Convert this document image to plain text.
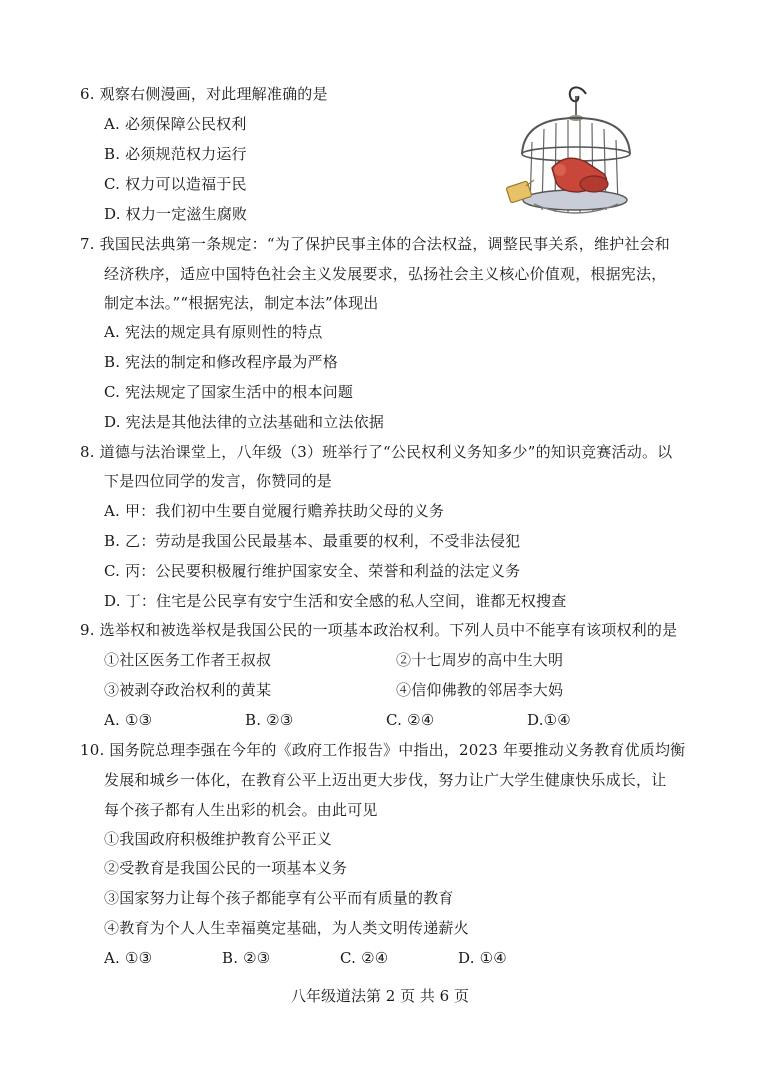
6. 观察右侧漫画，对此理解准确的是
A. 必须保障公民权利
B. 必须规范权力运行
C. 权力可以造福于民
D. 权力一定滋生腐败
7. 我国民法典第一条规定：“为了保护民事主体的合法权益，调整民事关系，维护社会和
经济秩序，适应中国特色社会主义发展要求，弘扬社会主义核心价值观，根据宪法，
制定本法。”“根据宪法，制定本法”体现出
A. 宪法的规定具有原则性的特点
B. 宪法的制定和修改程序最为严格
C. 宪法规定了国家生活中的根本问题
D. 宪法是其他法律的立法基础和立法依据
8. 道德与法治课堂上，八年级（3）班举行了“公民权利义务知多少”的知识竞赛活动。以
下是四位同学的发言，你赞同的是
A. 甲：我们初中生要自觉履行赡养扶助父母的义务
B. 乙：劳动是我国公民最基本、最重要的权利，不受非法侵犯
C. 丙：公民要积极履行维护国家安全、荣誉和利益的法定义务
D. 丁：住宅是公民享有安宁生活和安全感的私人空间，谁都无权搜查
9. 选举权和被选举权是我国公民的一项基本政治权利。下列人员中不能享有该项权利的是
①社区医务工作者王叔叔	②十七周岁的高中生大明
③被剥夺政治权利的黄某	④信仰佛教的邻居李大妈
A. ①③	B. ②③	C. ②④	D.①④
10. 国务院总理李强在今年的《政府工作报告》中指出，2023 年要推动义务教育优质均衡
发展和城乡一体化，在教育公平上迈出更大步伐，努力让广大学生健康快乐成长，让
每个孩子都有人生出彩的机会。由此可见
①我国政府积极维护教育公平正义
②受教育是我国公民的一项基本义务
③国家努力让每个孩子都能享有公平而有质量的教育
④教育为个人人生幸福奠定基础，为人类文明传递薪火
A. ①③	B. ②③	C. ②④	D. ①④
八年级道法第 2 页 共 6 页
